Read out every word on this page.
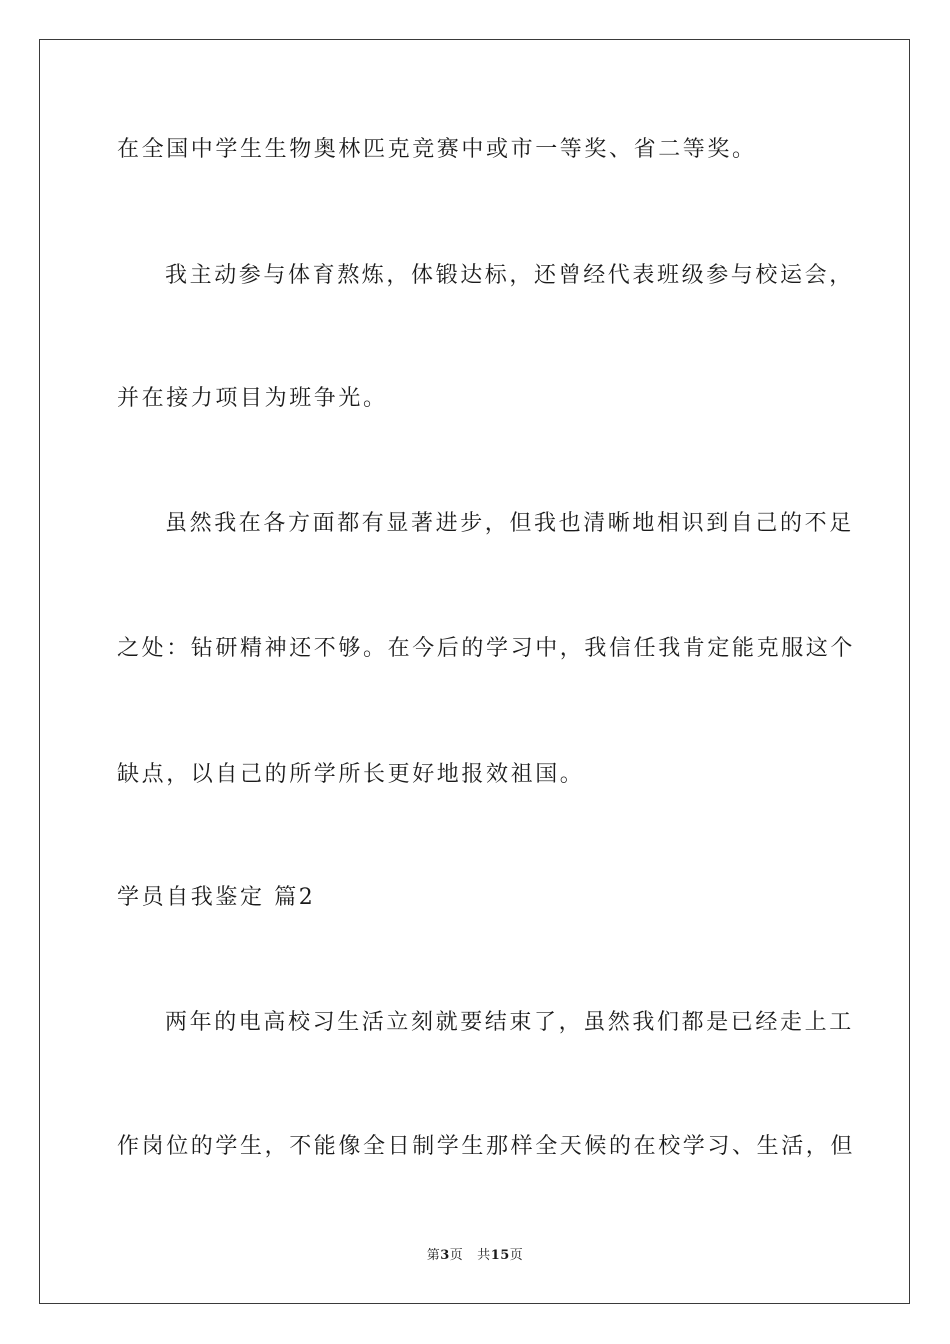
在全国中学生生物奥林匹克竞赛中或市一等奖、省二等奖。
我主动参与体育熬炼，体锻达标，还曾经代表班级参与校运会，
并在接力项目为班争光。
虽然我在各方面都有显著进步，但我也清晰地相识到自己的不足
之处：钻研精神还不够。在今后的学习中，我信任我肯定能克服这个
缺点，以自己的所学所长更好地报效祖国。
学员自我鉴定 篇2
两年的电高校习生活立刻就要结束了，虽然我们都是已经走上工
作岗位的学生，不能像全日制学生那样全天候的在校学习、生活，但
第3页 共15页
